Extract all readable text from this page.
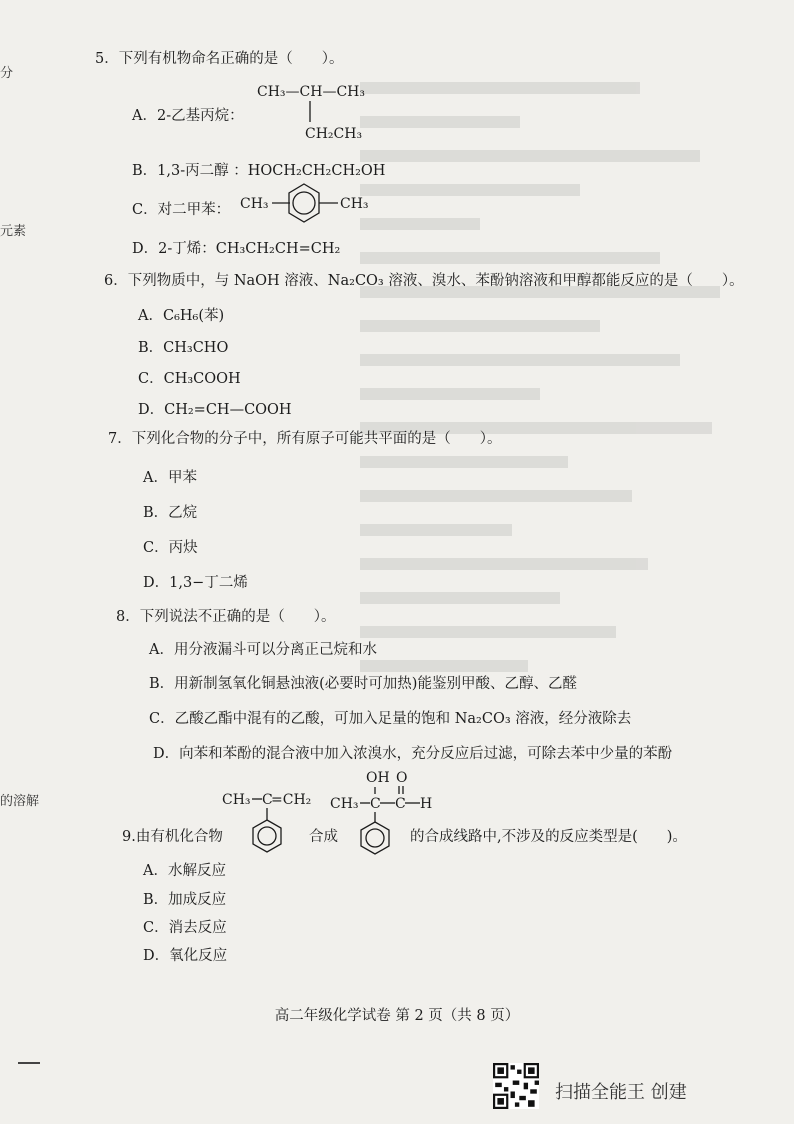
分
元素
的溶解
5．下列有机物命名正确的是（　　）。
A．2-乙基丙烷：
CH₃—CH—CH₃
CH₂CH₃
B．1,3-丙二醇 ：HOCH₂CH₂CH₂OH
C．对二甲苯： CH₃	CH₃
D．2-丁烯：CH₃CH₂CH=CH₂
6．下列物质中，与 NaOH 溶液、Na₂CO₃ 溶液、溴水、苯酚钠溶液和甲醇都能反应的是（　　）。
A．C₆H₆(苯)
B．CH₃CHO
C．CH₃COOH
D．CH₂=CH—COOH
7．下列化合物的分子中，所有原子可能共平面的是（　　）。
A．甲苯
B．乙烷
C．丙炔
D．1,3−丁二烯
8．下列说法不正确的是（　　）。
A．用分液漏斗可以分离正己烷和水
B．用新制氢氧化铜悬浊液(必要时可加热)能鉴别甲酸、乙醇、乙醛
C．乙酸乙酯中混有的乙酸，可加入足量的饱和 Na₂CO₃ 溶液，经分液除去
D．向苯和苯酚的混合液中加入浓溴水，充分反应后过滤，可除去苯中少量的苯酚
9.由有机化合物
CH₃ C
=CH₂
合成
OH O
CH₃ C C H
的合成线路中,不涉及的反应类型是(　　)。
A．水解反应
B．加成反应
C．消去反应
D．氧化反应
高二年级化学试卷 第 2 页（共 8 页）
扫描全能王 创建
